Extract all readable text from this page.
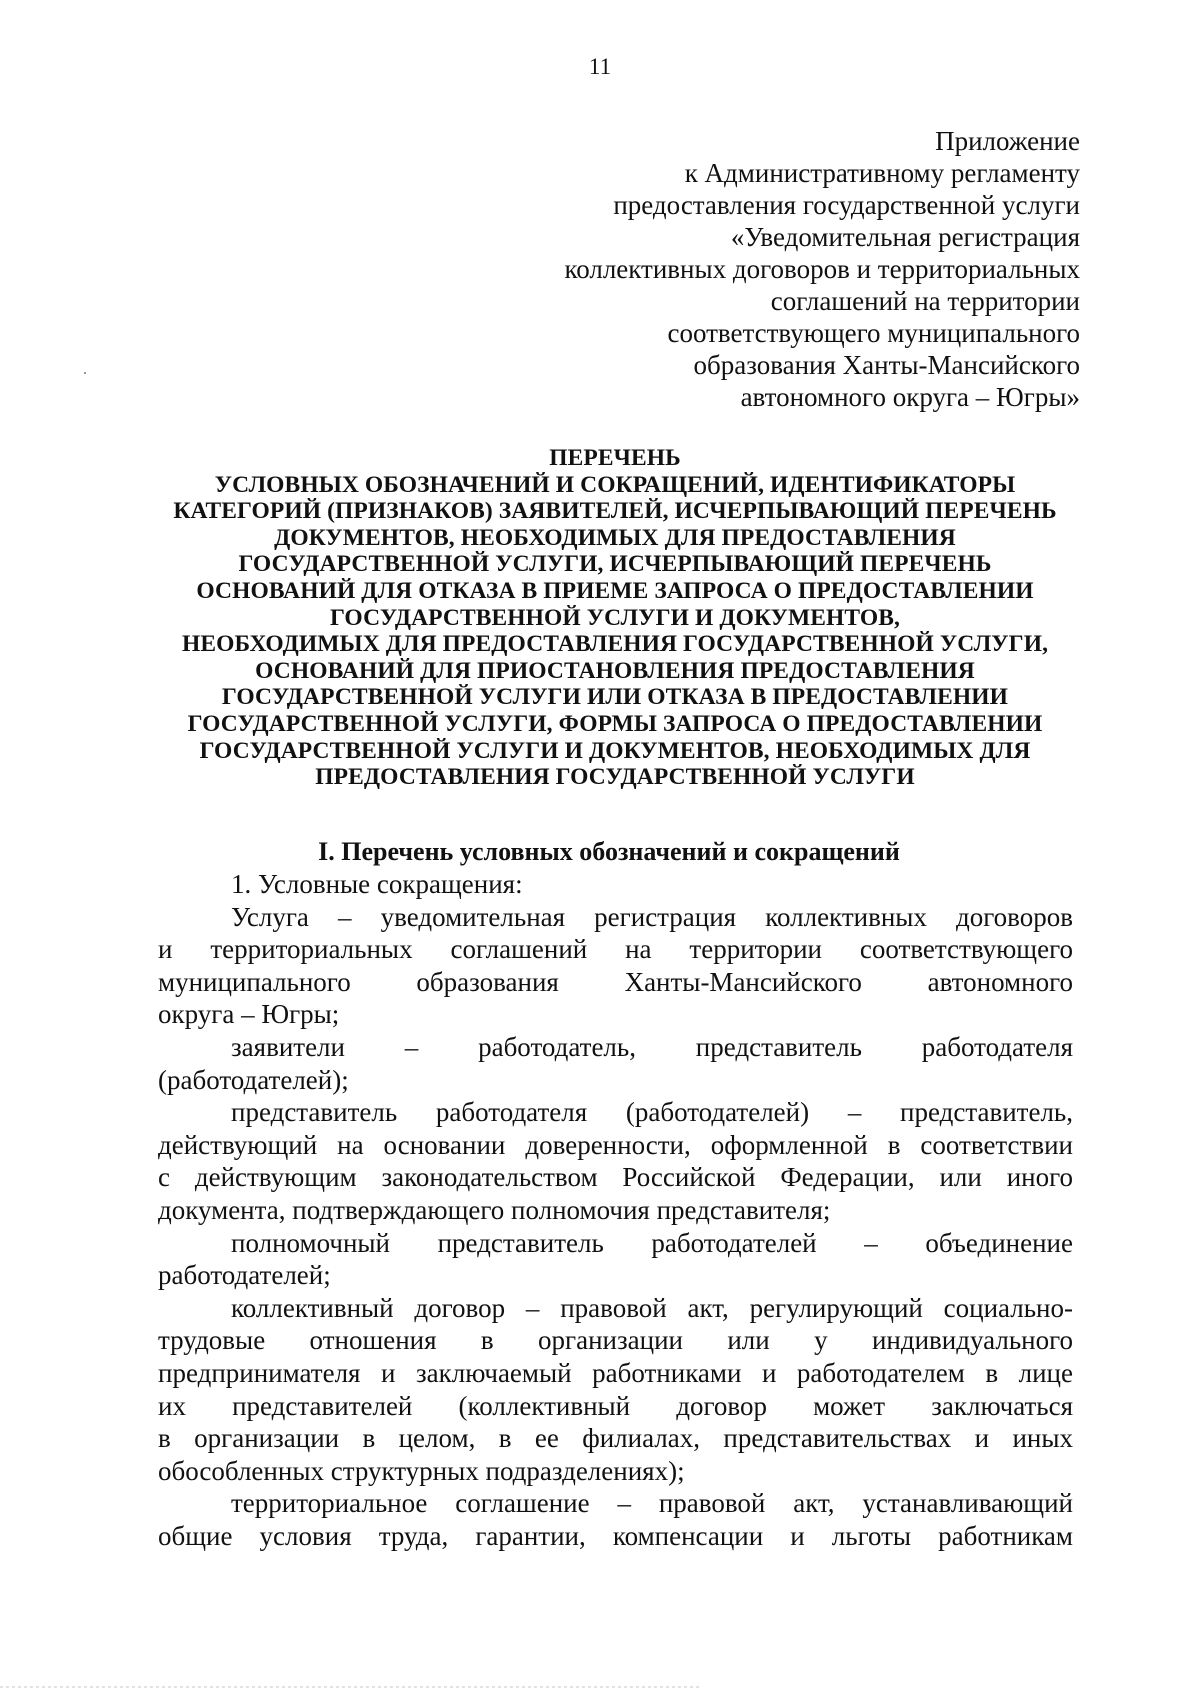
11
Приложение
к Административному регламенту
предоставления государственной услуги
«Уведомительная регистрация
коллективных договоров и территориальных
соглашений на территории
соответствующего муниципального
образования Ханты-Мансийского
автономного округа – Югры»
ПЕРЕЧЕНЬ
УСЛОВНЫХ ОБОЗНАЧЕНИЙ И СОКРАЩЕНИЙ, ИДЕНТИФИКАТОРЫ
КАТЕГОРИЙ (ПРИЗНАКОВ) ЗАЯВИТЕЛЕЙ, ИСЧЕРПЫВАЮЩИЙ ПЕРЕЧЕНЬ
ДОКУМЕНТОВ, НЕОБХОДИМЫХ ДЛЯ ПРЕДОСТАВЛЕНИЯ
ГОСУДАРСТВЕННОЙ УСЛУГИ, ИСЧЕРПЫВАЮЩИЙ ПЕРЕЧЕНЬ
ОСНОВАНИЙ ДЛЯ ОТКАЗА В ПРИЕМЕ ЗАПРОСА О ПРЕДОСТАВЛЕНИИ
ГОСУДАРСТВЕННОЙ УСЛУГИ И ДОКУМЕНТОВ,
НЕОБХОДИМЫХ ДЛЯ ПРЕДОСТАВЛЕНИЯ ГОСУДАРСТВЕННОЙ УСЛУГИ,
ОСНОВАНИЙ ДЛЯ ПРИОСТАНОВЛЕНИЯ ПРЕДОСТАВЛЕНИЯ
ГОСУДАРСТВЕННОЙ УСЛУГИ ИЛИ ОТКАЗА В ПРЕДОСТАВЛЕНИИ
ГОСУДАРСТВЕННОЙ УСЛУГИ, ФОРМЫ ЗАПРОСА О ПРЕДОСТАВЛЕНИИ
ГОСУДАРСТВЕННОЙ УСЛУГИ И ДОКУМЕНТОВ, НЕОБХОДИМЫХ ДЛЯ
ПРЕДОСТАВЛЕНИЯ ГОСУДАРСТВЕННОЙ УСЛУГИ
I. Перечень условных обозначений и сокращений
1. Условные сокращения:
Услуга – уведомительная регистрация коллективных договоров
и территориальных соглашений на территории соответствующего
муниципального образования Ханты-Мансийского автономного
округа – Югры;
заявители – работодатель, представитель работодателя
(работодателей);
представитель работодателя (работодателей) – представитель,
действующий на основании доверенности, оформленной в соответствии
с действующим законодательством Российской Федерации, или иного
документа, подтверждающего полномочия представителя;
полномочный представитель работодателей – объединение
работодателей;
коллективный договор – правовой акт, регулирующий социально-
трудовые отношения в организации или у индивидуального
предпринимателя и заключаемый работниками и работодателем в лице
их представителей (коллективный договор может заключаться
в организации в целом, в ее филиалах, представительствах и иных
обособленных структурных подразделениях);
территориальное соглашение – правовой акт, устанавливающий
общие условия труда, гарантии, компенсации и льготы работникам
